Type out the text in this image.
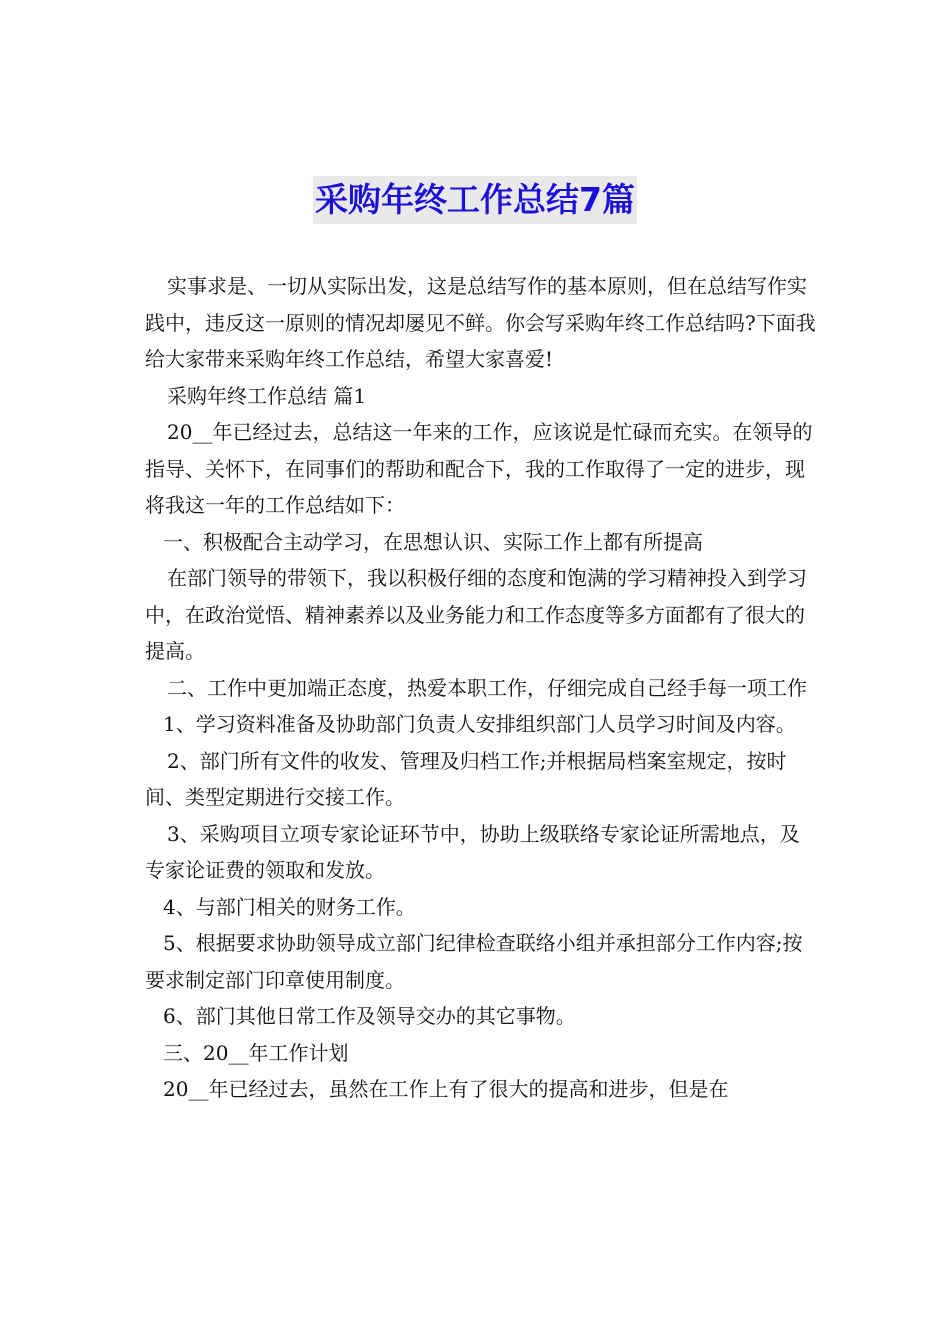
采购年终工作总结7篇

实事求是、一切从实际出发，这是总结写作的基本原则，但在总结写作实践中，违反这一原则的情况却屡见不鲜。你会写采购年终工作总结吗?下面我给大家带来采购年终工作总结，希望大家喜爱!

采购年终工作总结 篇1

20__年已经过去，总结这一年来的工作，应该说是忙碌而充实。在领导的指导、关怀下，在同事们的帮助和配合下，我的工作取得了一定的进步，现将我这一年的工作总结如下：

一、积极配合主动学习，在思想认识、实际工作上都有所提高

在部门领导的带领下，我以积极仔细的态度和饱满的学习精神投入到学习中，在政治觉悟、精神素养以及业务能力和工作态度等多方面都有了很大的提高。

二、工作中更加端正态度，热爱本职工作，仔细完成自己经手每一项工作

1、学习资料准备及协助部门负责人安排组织部门人员学习时间及内容。

2、部门所有文件的收发、管理及归档工作;并根据局档案室规定，按时间、类型定期进行交接工作。

3、采购项目立项专家论证环节中，协助上级联络专家论证所需地点，及专家论证费的领取和发放。

4、与部门相关的财务工作。

5、根据要求协助领导成立部门纪律检查联络小组并承担部分工作内容;按要求制定部门印章使用制度。

6、部门其他日常工作及领导交办的其它事物。

三、20__年工作计划

20__年已经过去，虽然在工作上有了很大的提高和进步，但是在
